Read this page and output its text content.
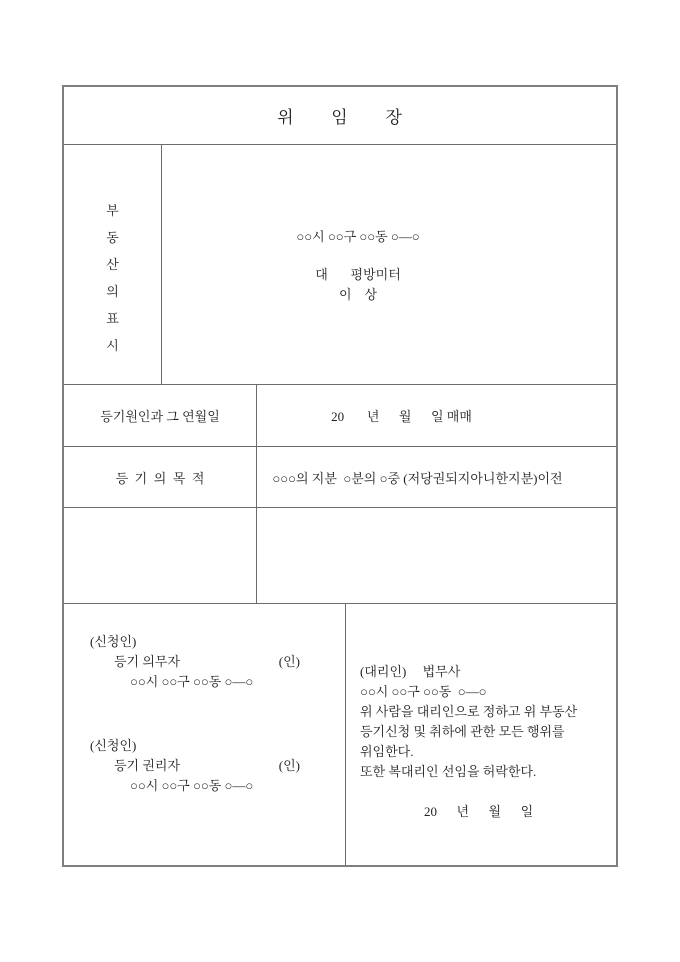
위       임       장
부
동
산
의
표
시
○○시 ○○구 ○○동 ○—○
대       평방미터
이    상
등기원인과 그 연월일	20       년      월      일 매매
등  기  의  목  적	○○○의 지분  ○분의 ○중 (저당권되지아니한지분)이전
(신청인)
등기 의무자	(인)
○○시 ○○구 ○○동 ○—○
(신청인)
등기 권리자	(인)
○○시 ○○구 ○○동 ○—○
(대리인)     법무사
○○시 ○○구 ○○동  ○—○
위 사람을 대리인으로 정하고 위 부동산
등기신청 및 취하에 관한 모든 행위를
위임한다.
또한 복대리인 선임을 허락한다.
20      년      월      일
